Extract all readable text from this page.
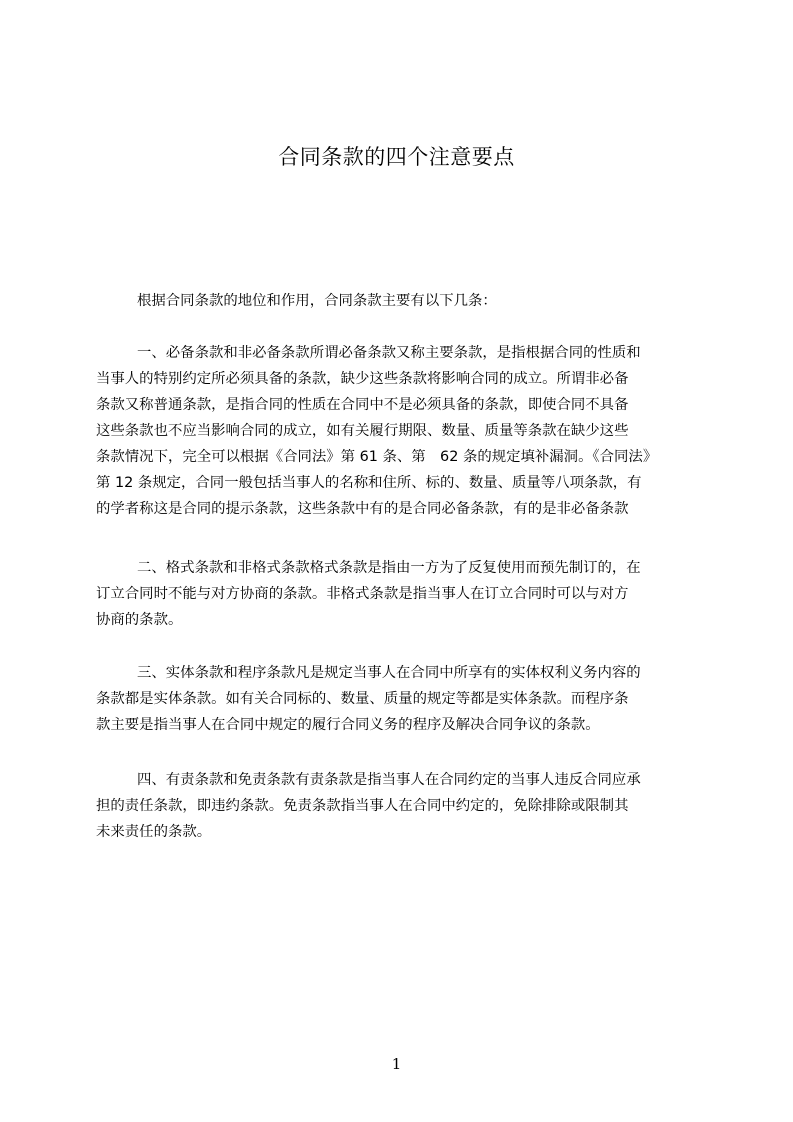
合同条款的四个注意要点

根据合同条款的地位和作用，合同条款主要有以下几条：

一、必备条款和非必备条款所谓必备条款又称主要条款，是指根据合同的性质和
当事人的特别约定所必须具备的条款，缺少这些条款将影响合同的成立。所谓非必备
条款又称普通条款，是指合同的性质在合同中不是必须具备的条款，即使合同不具备
这些条款也不应当影响合同的成立，如有关履行期限、数量、质量等条款在缺少这些
条款情况下，完全可以根据《合同法》第 61 条、第　62 条的规定填补漏洞。《合同法》
第 12 条规定，合同一般包括当事人的名称和住所、标的、数量、质量等八项条款，有
的学者称这是合同的提示条款，这些条款中有的是合同必备条款，有的是非必备条款
二、格式条款和非格式条款格式条款是指由一方为了反复使用而预先制订的，在
订立合同时不能与对方协商的条款。非格式条款是指当事人在订立合同时可以与对方
协商的条款。
三、实体条款和程序条款凡是规定当事人在合同中所享有的实体权利义务内容的
条款都是实体条款。如有关合同标的、数量、质量的规定等都是实体条款。而程序条
款主要是指当事人在合同中规定的履行合同义务的程序及解决合同争议的条款。
四、有责条款和免责条款有责条款是指当事人在合同约定的当事人违反合同应承
担的责任条款，即违约条款。免责条款指当事人在合同中约定的，免除排除或限制其
未来责任的条款。
1
